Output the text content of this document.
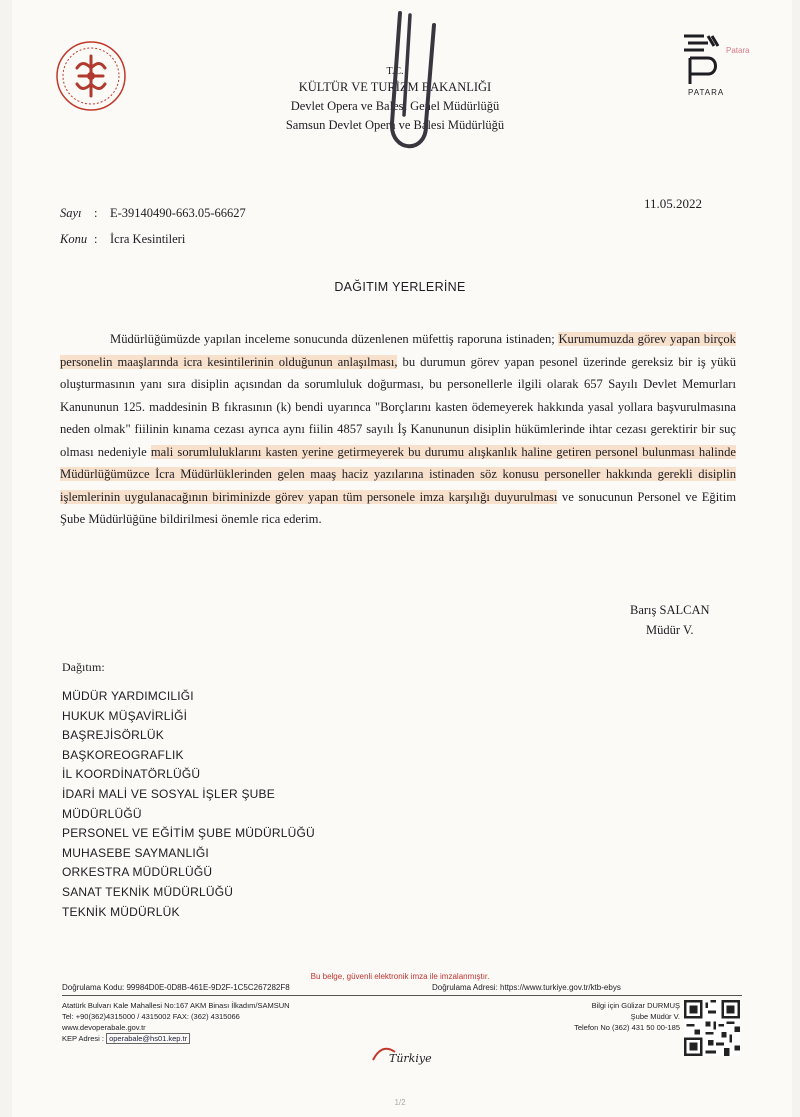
Patara
PATARA
T.C.
KÜLTÜR VE TURİZM BAKANLIĞI
Devlet Opera ve Balesi Genel Müdürlüğü
Samsun Devlet Opera ve Balesi Müdürlüğü
11.05.2022
Sayı : E-39140490-663.05-66627
Konu : İcra Kesintileri
DAĞITIM YERLERİNE

Müdürlüğümüzde yapılan inceleme sonucunda düzenlenen müfettiş raporuna istinaden; Kurumumuzda görev yapan birçok personelin maaşlarında icra kesintilerinin olduğunun anlaşılması, bu durumun görev yapan pesonel üzerinde gereksiz bir iş yükü oluşturmasının yanı sıra disiplin açısından da sorumluluk doğurması, bu personellerle ilgili olarak 657 Sayılı Devlet Memurları Kanununun 125. maddesinin B fıkrasının (k) bendi uyarınca "Borçlarını kasten ödemeyerek hakkında yasal yollara başvurulmasına neden olmak" fiilinin kınama cezası ayrıca aynı fiilin 4857 sayılı İş Kanununun disiplin hükümlerinde ihtar cezası gerektirir bir suç olması nedeniyle mali sorumluluklarını kasten yerine getirmeyerek bu durumu alışkanlık haline getiren personel bulunması halinde Müdürlüğümüzce İcra Müdürlüklerinden gelen maaş haciz yazılarına istinaden söz konusu personeller hakkında gerekli disiplin işlemlerinin uygulanacağının biriminizde görev yapan tüm personele imza karşılığı duyurulması ve sonucunun Personel ve Eğitim Şube Müdürlüğüne bildirilmesi önemle rica ederim.

Barış SALCAN
Müdür V.
Dağıtım:
MÜDÜR YARDIMCILIĞI
HUKUK MÜŞAVİRLİĞİ
BAŞREJİSÖRLÜK
BAŞKOREOGRAFLIK
İL KOORDİNATÖRLÜĞÜ
İDARİ MALİ VE SOSYAL İŞLER ŞUBE
MÜDÜRLÜĞÜ
PERSONEL VE EĞİTİM ŞUBE MÜDÜRLÜĞÜ
MUHASEBE SAYMANLIĞI
ORKESTRA MÜDÜRLÜĞÜ
SANAT TEKNİK MÜDÜRLÜĞÜ
TEKNİK MÜDÜRLÜK
Bu belge, güvenli elektronik imza ile imzalanmıştır.
Doğrulama Kodu: 99984D0E-0D8B-461E-9D2F-1C5C267282F8	Doğrulama Adresi: https://www.turkiye.gov.tr/ktb-ebys
Atatürk Bulvarı Kale Mahallesi No:167 AKM Binası İlkadım/SAMSUN
Tel: +90(362)4315000 / 4315002 FAX: (362) 4315066
www.devoperabale.gov.tr
KEP Adresi : operabale@hs01.kep.tr
Bilgi için Gülizar DURMUŞ
Şube Müdür V.
Telefon No (362) 431 50 00-185
Türkiye
1/2
